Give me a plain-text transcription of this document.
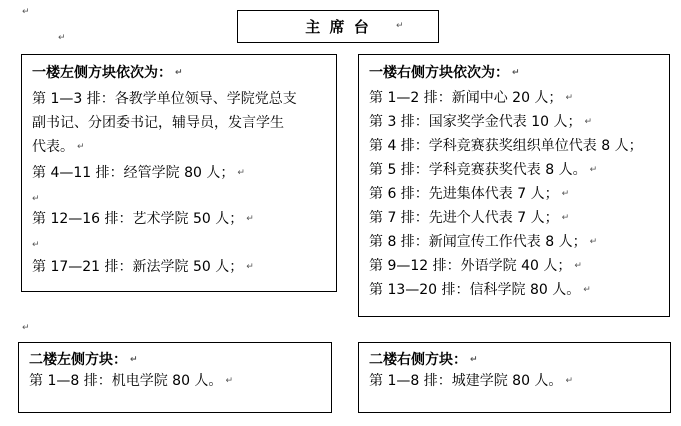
↵
↵
↵
主 席 台	↵
一楼左侧方块依次为： ↵
第 1—3 排：各教学单位领导、学院党总支
副书记、分团委书记，辅导员，发言学生
代表。 ↵
第 4—11 排：经管学院 80 人； ↵
↵
第 12—16 排：艺术学院 50 人； ↵
↵
第 17—21 排：新法学院 50 人； ↵
一楼右侧方块依次为： ↵
第 1—2 排：新闻中心 20 人； ↵
第 3 排：国家奖学金代表 10 人； ↵
第 4 排：学科竞赛获奖组织单位代表 8 人；
第 5 排：学科竞赛获奖代表 8 人。 ↵
第 6 排：先进集体代表 7 人； ↵
第 7 排：先进个人代表 7 人； ↵
第 8 排：新闻宣传工作代表 8 人； ↵
第 9—12 排：外语学院 40 人； ↵
第 13—20 排：信科学院 80 人。 ↵
二楼左侧方块： ↵
第 1—8 排：机电学院 80 人。 ↵
二楼右侧方块： ↵
第 1—8 排：城建学院 80 人。 ↵
